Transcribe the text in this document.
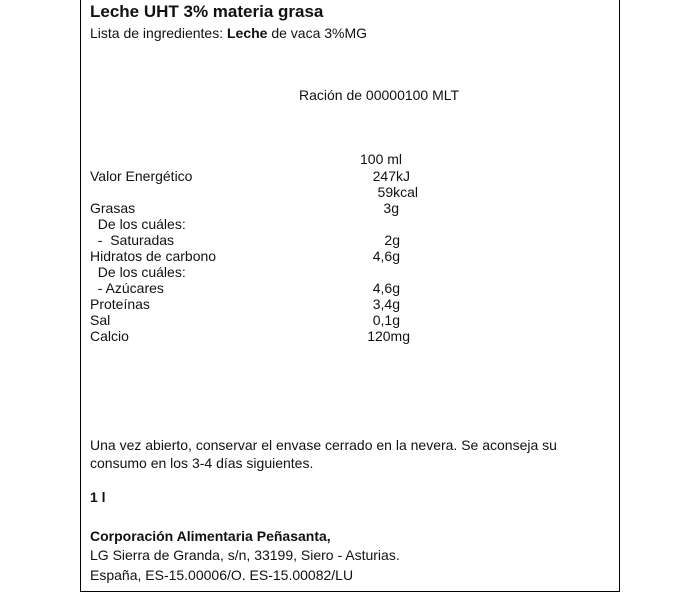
Leche UHT 3% materia grasa
Lista de ingredientes: Leche de vaca 3%MG
Ración de 00000100 MLT
100 ml
Valor Energético	247kJ
59kcal
Grasas	3g
De los cuáles:
-  Saturadas	2g
Hidratos de carbono	4,6g
De los cuáles:
- Azúcares	4,6g
Proteínas	3,4g
Sal	0,1g
Calcio	120mg
Una vez abierto, conservar el envase cerrado en la nevera. Se aconseja su consumo en los 3-4 días siguientes.
1 l
Corporación Alimentaria Peñasanta,
LG Sierra de Granda, s/n, 33199, Siero - Asturias.
España, ES-15.00006/O. ES-15.00082/LU
